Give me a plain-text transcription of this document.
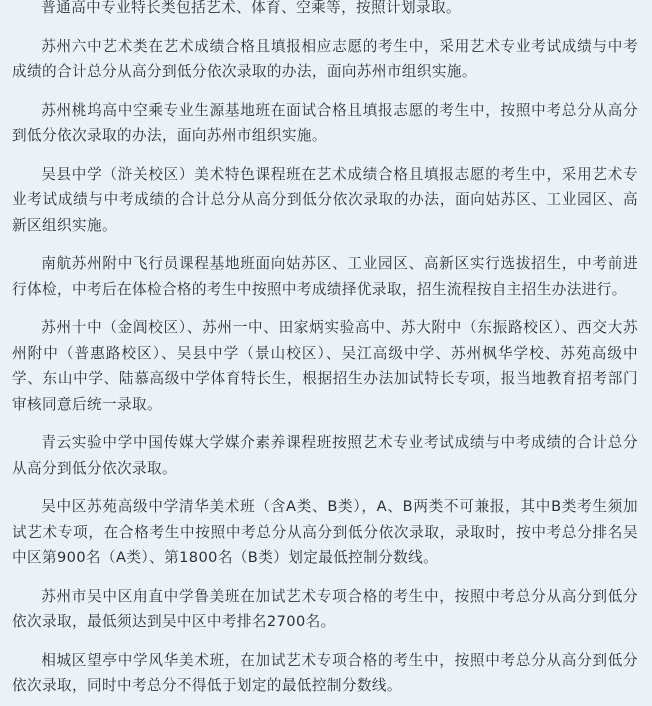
普通高中专业特长类包括艺术、体育、空乘等，按照计划录取。

苏州六中艺术类在艺术成绩合格且填报相应志愿的考生中，采用艺术专业考试成绩与中考成绩的合计总分从高分到低分依次录取的办法，面向苏州市组织实施。

苏州桃坞高中空乘专业生源基地班在面试合格且填报志愿的考生中，按照中考总分从高分到低分依次录取的办法，面向苏州市组织实施。

吴县中学（浒关校区）美术特色课程班在艺术成绩合格且填报志愿的考生中，采用艺术专业考试成绩与中考成绩的合计总分从高分到低分依次录取的办法，面向姑苏区、工业园区、高新区组织实施。

南航苏州附中飞行员课程基地班面向姑苏区、工业园区、高新区实行选拔招生，中考前进行体检，中考后在体检合格的考生中按照中考成绩择优录取，招生流程按自主招生办法进行。

苏州十中（金阊校区）、苏州一中、田家炳实验高中、苏大附中（东振路校区）、西交大苏州附中（普惠路校区）、吴县中学（景山校区）、吴江高级中学、苏州枫华学校、苏苑高级中学、东山中学、陆慕高级中学体育特长生，根据招生办法加试特长专项，报当地教育招考部门审核同意后统一录取。

青云实验中学中国传媒大学媒介素养课程班按照艺术专业考试成绩与中考成绩的合计总分从高分到低分依次录取。

吴中区苏苑高级中学清华美术班（含A类、B类），A、B两类不可兼报，其中B类考生须加试艺术专项，在合格考生中按照中考总分从高分到低分依次录取，录取时，按中考总分排名吴中区第900名（A类）、第1800名（B类）划定最低控制分数线。

苏州市吴中区甪直中学鲁美班在加试艺术专项合格的考生中，按照中考总分从高分到低分依次录取，最低须达到吴中区中考排名2700名。

相城区望亭中学风华美术班，在加试艺术专项合格的考生中，按照中考总分从高分到低分依次录取，同时中考总分不得低于划定的最低控制分数线。
